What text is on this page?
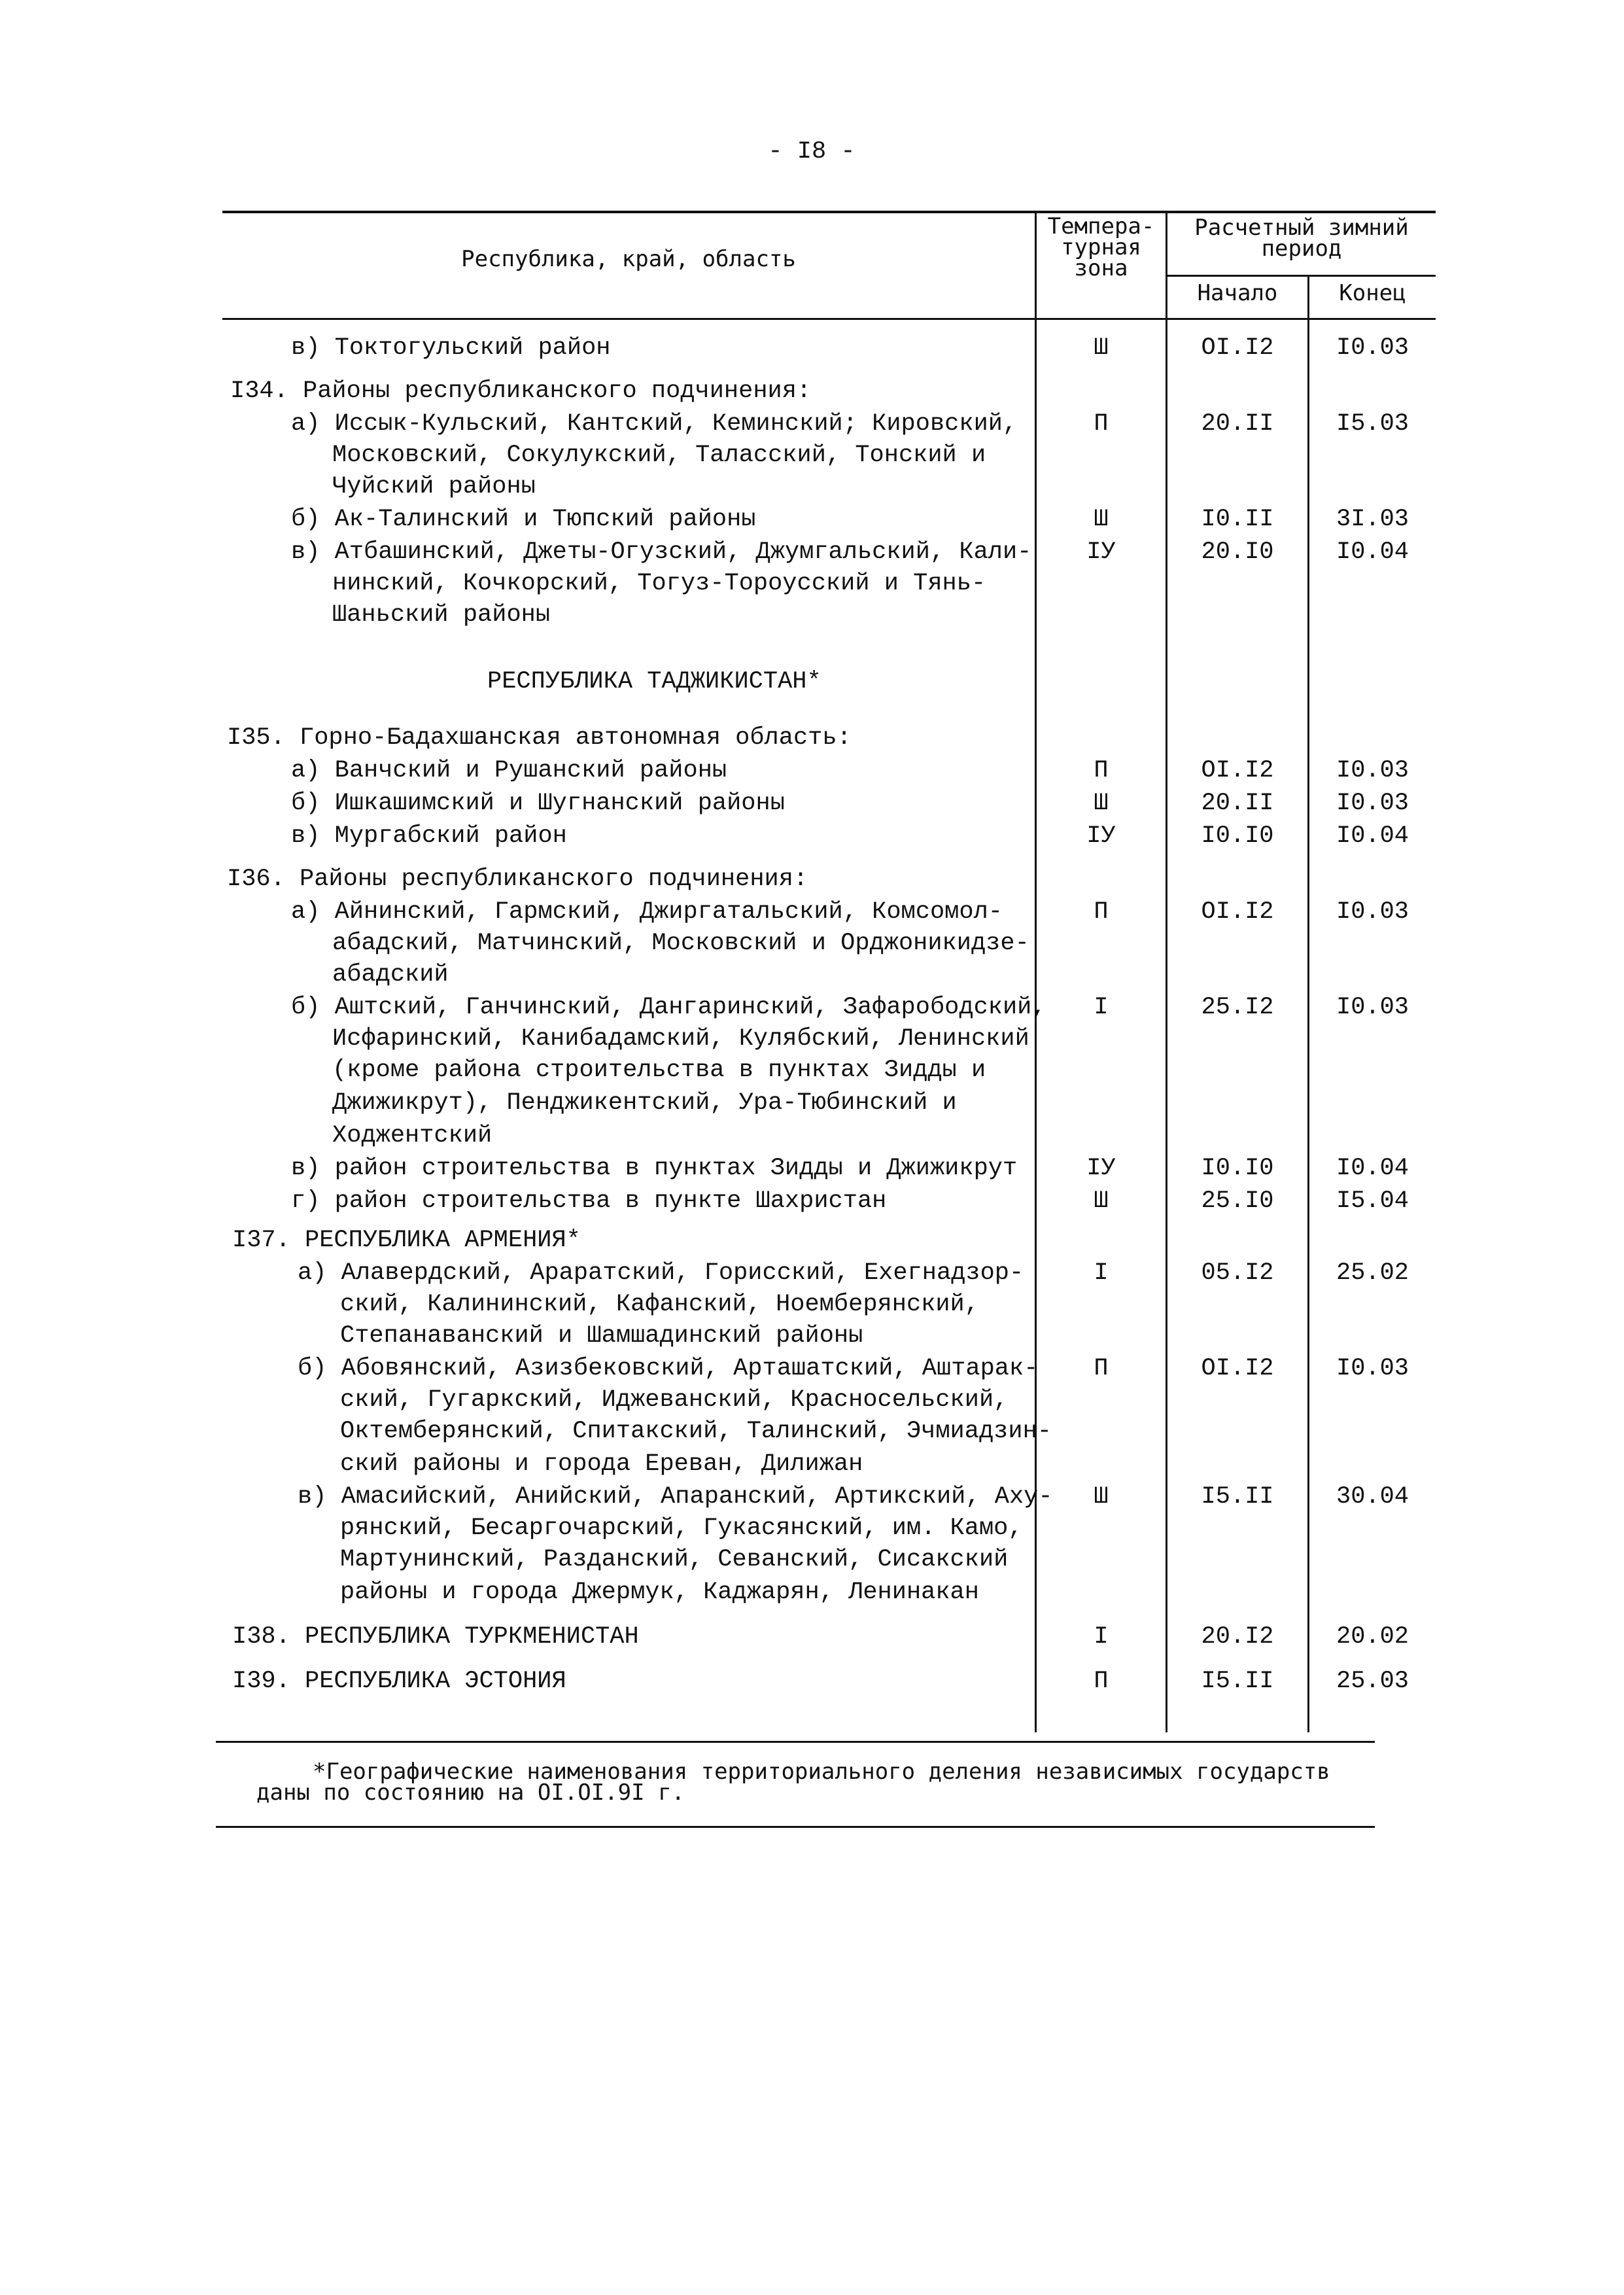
- I8 -
Республика, край, область
Темпера-
турная
зона
Расчетный зимний
период
Начало	Конец
в) Токтогульский район	Ш	OI.I2	I0.03
I34. Районы республиканского подчинения:
а) Иссык-Кульский, Кантский, Кеминский; Кировский,
Московский, Сокулукский, Таласский, Тонский и
Чуйский районы
П	20.II	I5.03
б) Ак-Талинский и Тюпский районы	Ш	I0.II	3I.03
в) Атбашинский, Джеты-Огузский, Джумгальский, Кали-
нинский, Кочкорский, Тогуз-Тороусский и Тянь-
Шаньский районы
IУ	20.I0	I0.04
РЕСПУБЛИКА ТАДЖИКИСТАН*
I35. Горно-Бадахшанская автономная область:
а) Ванчский и Рушанский районы	П	OI.I2	I0.03
б) Ишкашимский и Шугнанский районы	Ш	20.II	I0.03
в) Мургабский район	IУ	I0.I0	I0.04
I36. Районы республиканского подчинения:
а) Айнинский, Гармский, Джиргатальский, Комсомол-
абадский, Матчинский, Московский и Орджоникидзе-
абадский
П	OI.I2	I0.03
б) Аштский, Ганчинский, Дангаринский, Зафарободский,
Исфаринский, Канибадамский, Кулябский, Ленинский
(кроме района строительства в пунктах Зидды и
Джижикрут), Пенджикентский, Ура-Тюбинский и
Ходжентский
I	25.I2	I0.03
в) район строительства в пунктах Зидды и Джижикрут	IУ	I0.I0	I0.04
г) район строительства в пункте Шахристан	Ш	25.I0	I5.04
I37. РЕСПУБЛИКА АРМЕНИЯ*
а) Алавердский, Араратский, Горисский, Ехегнадзор-
ский, Калининский, Кафанский, Ноемберянский,
Степанаванский и Шамшадинский районы
I	05.I2	25.02
б) Абовянский, Азизбековский, Арташатский, Аштарак-
ский, Гугаркский, Иджеванский, Красносельский,
Октемберянский, Спитакский, Талинский, Эчмиадзин-
ский районы и города Ереван, Дилижан
П	OI.I2	I0.03
в) Амасийский, Анийский, Апаранский, Артикский, Аху-
рянский, Бесаргочарский, Гукасянский, им. Камо,
Мартунинский, Разданский, Севанский, Сисакский
районы и города Джермук, Каджарян, Ленинакан
Ш	I5.II	30.04
I38. РЕСПУБЛИКА ТУРКМЕНИСТАН	I	20.I2	20.02
I39. РЕСПУБЛИКА ЭСТОНИЯ	П	I5.II	25.03
*Географические наименования территориального деления независимых государств
даны по состоянию на OI.OI.9I г.
